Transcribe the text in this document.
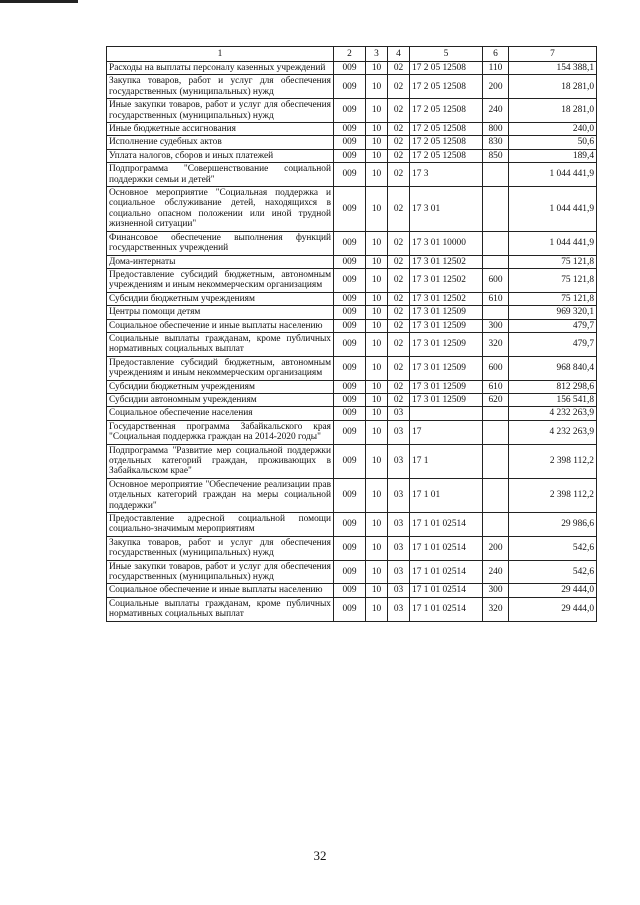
1	2	3	4	5	6	7
Расходы на выплаты персоналу казенных учреждений	009	10	02	17 2 05 12508	110	154 388,1
Закупка товаров, работ и услуг для обеспечения государственных (муниципальных) нужд	009	10	02	17 2 05 12508	200	18 281,0
Иные закупки товаров, работ и услуг для обеспечения государственных (муниципальных) нужд	009	10	02	17 2 05 12508	240	18 281,0
Иные бюджетные ассигнования	009	10	02	17 2 05 12508	800	240,0
Исполнение судебных актов	009	10	02	17 2 05 12508	830	50,6
Уплата налогов, сборов и иных платежей	009	10	02	17 2 05 12508	850	189,4
Подпрограмма "Совершенствование социальной поддержки семьи и детей"	009	10	02	17 3		1 044 441,9
Основное мероприятие "Социальная поддержка и социальное обслуживание детей, находящихся в социально опасном положении или иной трудной жизненной ситуации"	009	10	02	17 3 01		1 044 441,9
Финансовое обеспечение выполнения функций государственных учреждений	009	10	02	17 3 01 10000		1 044 441,9
Дома-интернаты	009	10	02	17 3 01 12502		75 121,8
Предоставление субсидий бюджетным, автономным учреждениям и иным некоммерческим организациям	009	10	02	17 3 01 12502	600	75 121,8
Субсидии бюджетным учреждениям	009	10	02	17 3 01 12502	610	75 121,8
Центры помощи детям	009	10	02	17 3 01 12509		969 320,1
Социальное обеспечение и иные выплаты населению	009	10	02	17 3 01 12509	300	479,7
Социальные выплаты гражданам, кроме публичных нормативных социальных выплат	009	10	02	17 3 01 12509	320	479,7
Предоставление субсидий бюджетным, автономным учреждениям и иным некоммерческим организациям	009	10	02	17 3 01 12509	600	968 840,4
Субсидии бюджетным учреждениям	009	10	02	17 3 01 12509	610	812 298,6
Субсидии автономным учреждениям	009	10	02	17 3 01 12509	620	156 541,8
Социальное обеспечение населения	009	10	03			4 232 263,9
Государственная программа Забайкальского края "Социальная поддержка граждан на 2014-2020 годы"	009	10	03	17		4 232 263,9
Подпрограмма "Развитие мер социальной поддержки отдельных категорий граждан, проживающих в Забайкальском крае"	009	10	03	17 1		2 398 112,2
Основное мероприятие "Обеспечение реализации прав отдельных категорий граждан на меры социальной поддержки"	009	10	03	17 1 01		2 398 112,2
Предоставление адресной социальной помощи социально-значимым мероприятиям	009	10	03	17 1 01 02514		29 986,6
Закупка товаров, работ и услуг для обеспечения государственных (муниципальных) нужд	009	10	03	17 1 01 02514	200	542,6
Иные закупки товаров, работ и услуг для обеспечения государственных (муниципальных) нужд	009	10	03	17 1 01 02514	240	542,6
Социальное обеспечение и иные выплаты населению	009	10	03	17 1 01 02514	300	29 444,0
Социальные выплаты гражданам, кроме публичных нормативных социальных выплат	009	10	03	17 1 01 02514	320	29 444,0
32
